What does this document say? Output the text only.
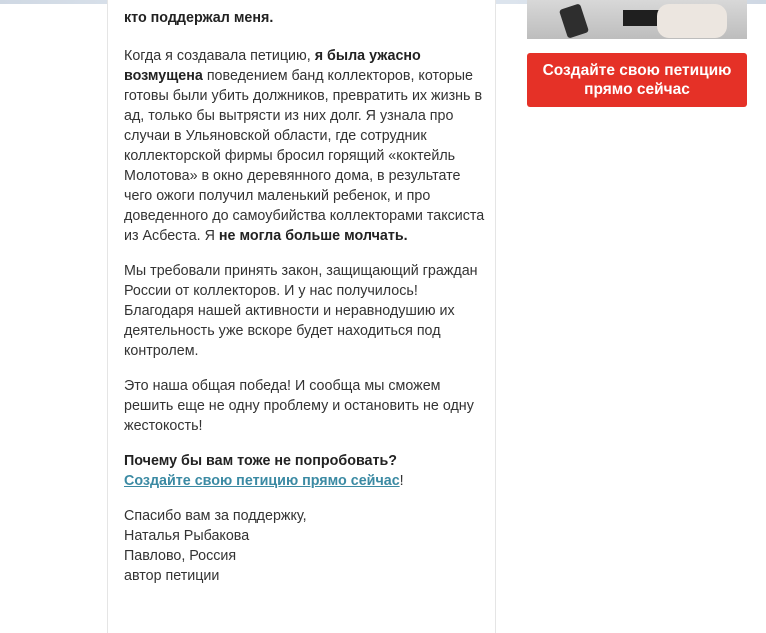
кто поддержал меня.

Когда я создавала петицию, я была ужасно возмущена поведением банд коллекторов, которые готовы были убить должников, превратить их жизнь в ад, только бы вытрясти из них долг. Я узнала про случаи в Ульяновской области, где сотрудник коллекторской фирмы бросил горящий «коктейль Молотова» в окно деревянного дома, в результате чего ожоги получил маленький ребенок, и про доведенного до самоубийства коллекторами таксиста из Асбеста. Я не могла больше молчать.

Мы требовали принять закон, защищающий граждан России от коллекторов. И у нас получилось! Благодаря нашей активности и неравнодушию их деятельность уже вскоре будет находиться под контролем.

Это наша общая победа! И сообща мы сможем решить еще не одну проблему и остановить не одну жестокость!

Почему бы вам тоже не попробовать?
Создайте свою петицию прямо сейчас!

Спасибо вам за поддержку,
Наталья Рыбакова
Павлово, Россия
автор петиции

Создайте свою петицию прямо сейчас
